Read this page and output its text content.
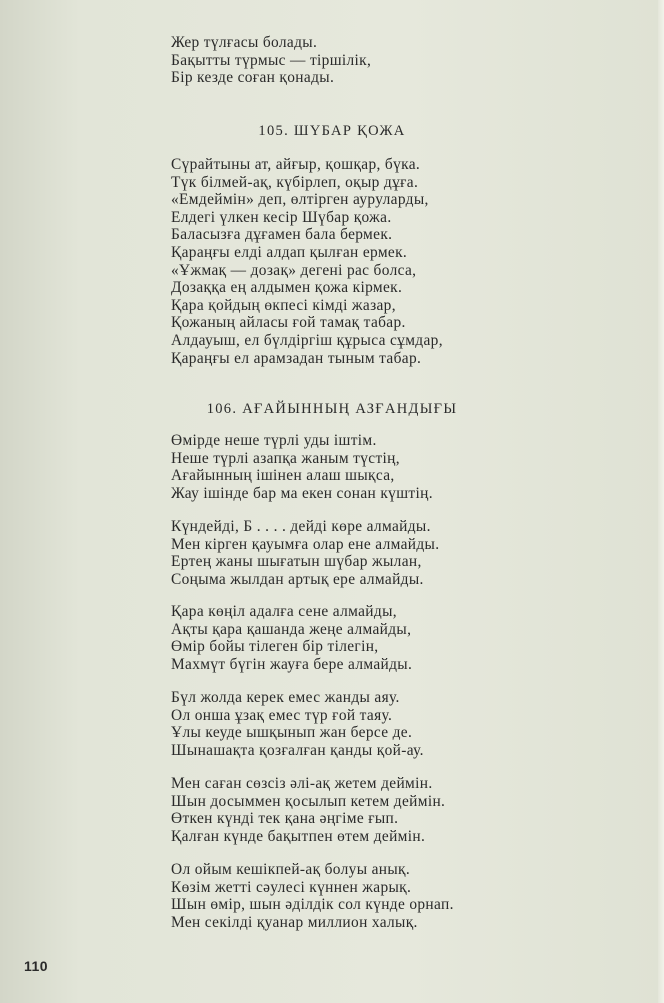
Жер түлғасы болады.
Бақытты түрмыс — тіршілік,
Бір кезде соған қонады.
105. ШҮБАР ҚОЖА
Сүрайтыны ат, айғыр, қошқар, бүка.
Түк білмей-ақ, күбірлеп, оқыр дұға.
«Емдеймін» деп, өлтірген ауруларды,
Елдегі үлкен кесір Шүбар қожа.
Баласызға дұғамен бала бермек.
Қараңғы елді алдап қылған ермек.
«Ұжмақ — дозақ» дегені рас болса,
Дозаққа ең алдымен қожа кірмек.
Қара қойдың өкпесі кімді жазар,
Қожаның айласы ғой тамақ табар.
Алдауыш, ел бүлдіргіш құрыса сұмдар,
Қараңғы ел арамзадан тыным табар.
106. АҒАЙЫННЫҢ АЗҒАНДЫҒЫ
Өмірде неше түрлі уды іштім.
Неше түрлі азапқа жаным түстің,
Ағайынның ішінен алаш шықса,
Жау ішінде бар ма екен сонан күштің.
Күндейді, Б . . . . дейді көре алмайды.
Мен кірген қауымға олар ене алмайды.
Ертең жаны шығатын шүбар жылан,
Соңыма жылдан артық ере алмайды.
Қара көңіл адалға сене алмайды,
Ақты қара қашанда жеңе алмайды,
Өмір бойы тілеген бір тілегін,
Махмүт бүгін жауға бере алмайды.
Бүл жолда керек емес жанды аяу.
Ол онша ұзақ емес түр ғой таяу.
Ұлы кеуде ышқынып жан берсе де.
Шынашақта қозғалған қанды қой-ау.
Мен саған сөзсіз әлі-ақ жетем деймін.
Шын досыммен қосылып кетем деймін.
Өткен күнді тек қана әңгіме ғып.
Қалған күнде бақытпен өтем деймін.
Ол ойым кешікпей-ақ болуы анық.
Көзім жетті сәулесі күннен жарық.
Шын өмір, шын әділдік сол күнде орнап.
Мен секілді қуанар миллион халық.
110
